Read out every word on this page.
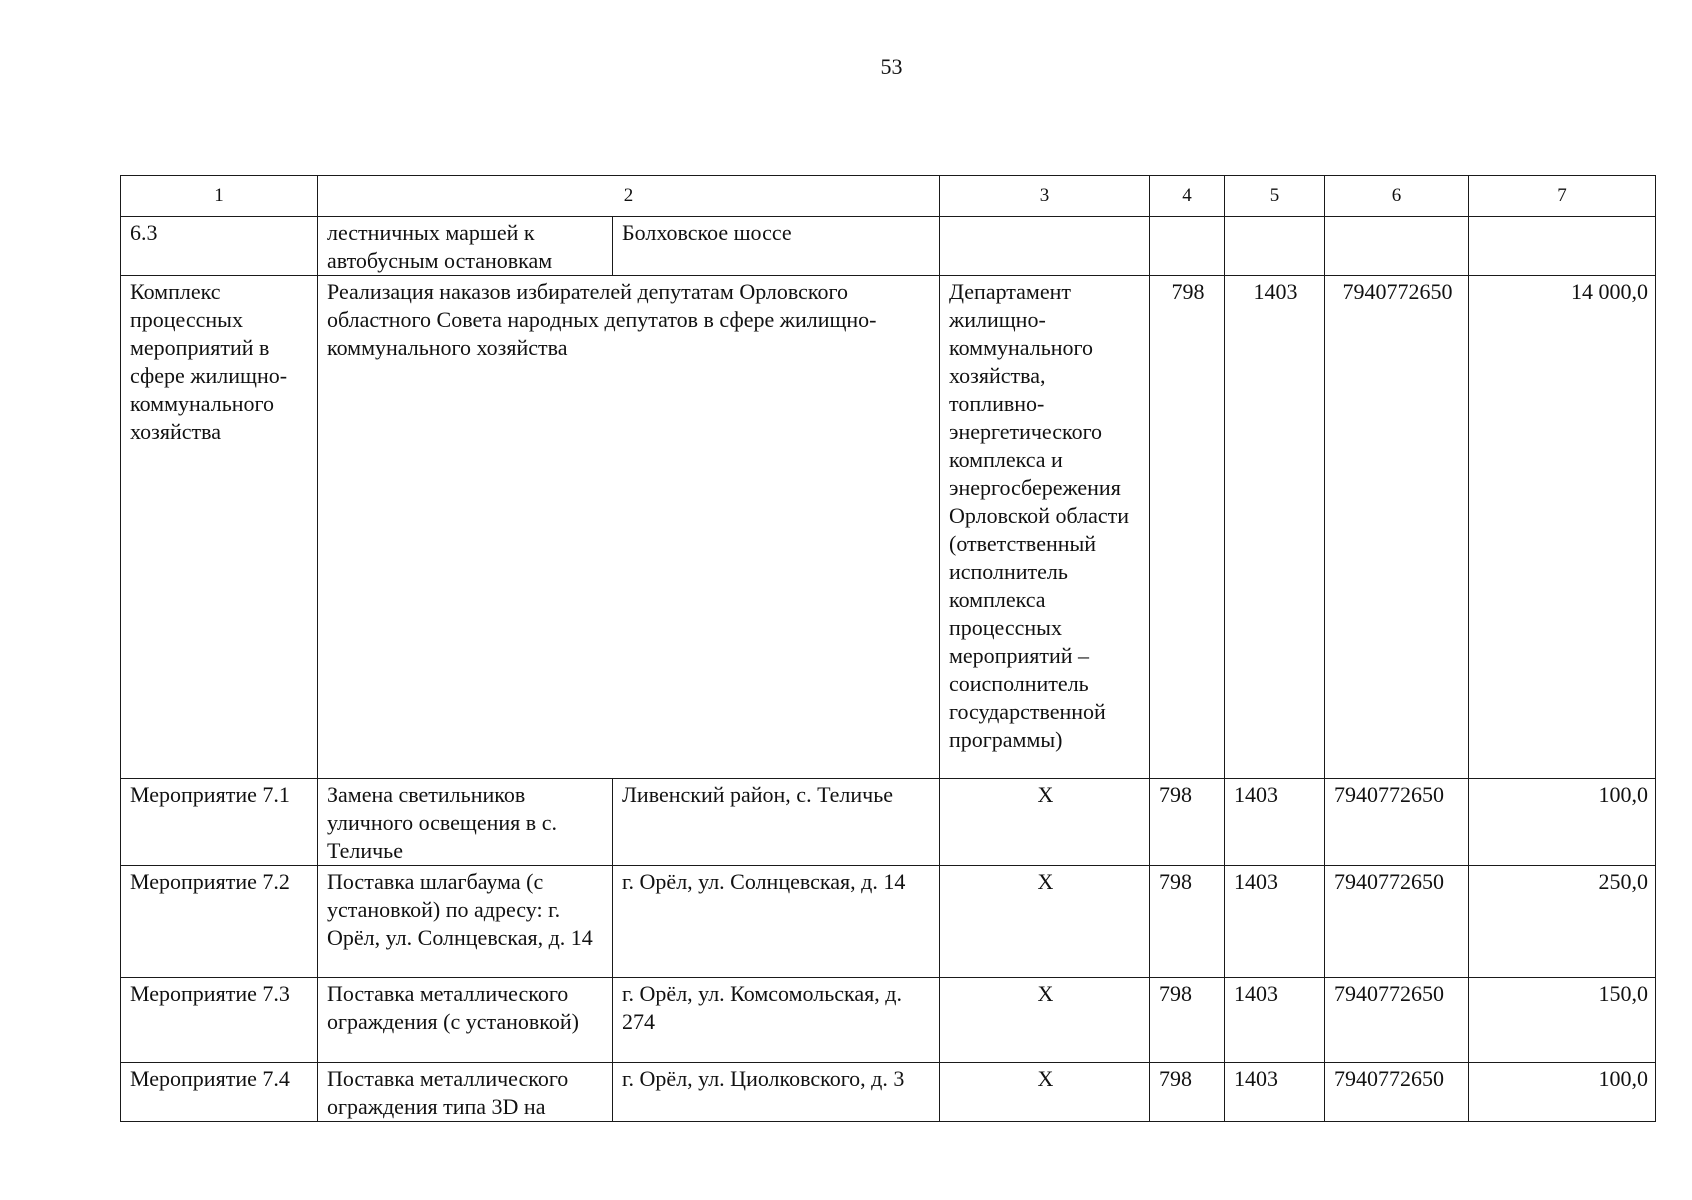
53
1	2		3	4	5	6	7
6.3	лестничных маршей к автобусным остановкам	Болховское шоссе					
Комплекс процессных мероприятий в сфере жилищно-коммунального хозяйства	Реализация наказов избирателей депутатам Орловского областного Совета народных депутатов в сфере жилищно-коммунального хозяйства		Департамент жилищно-коммунального хозяйства, топливно-энергетического комплекса и энергосбережения Орловской области (ответственный исполнитель комплекса процессных мероприятий – соисполнитель государственной программы)	798	1403	7940772650	14 000,0
Мероприятие 7.1	Замена светильников уличного освещения в с. Теличье	Ливенский район, с. Теличье	Х	798	1403	7940772650	100,0
Мероприятие 7.2	Поставка шлагбаума (с установкой) по адресу: г. Орёл, ул. Солнцевская, д. 14	г. Орёл, ул. Солнцевская, д. 14	Х	798	1403	7940772650	250,0
Мероприятие 7.3	Поставка металлического ограждения (с установкой)	г. Орёл, ул. Комсомольская, д. 274	Х	798	1403	7940772650	150,0
Мероприятие 7.4	Поставка металлического ограждения типа 3D на	г. Орёл, ул. Циолковского, д. 3	Х	798	1403	7940772650	100,0
